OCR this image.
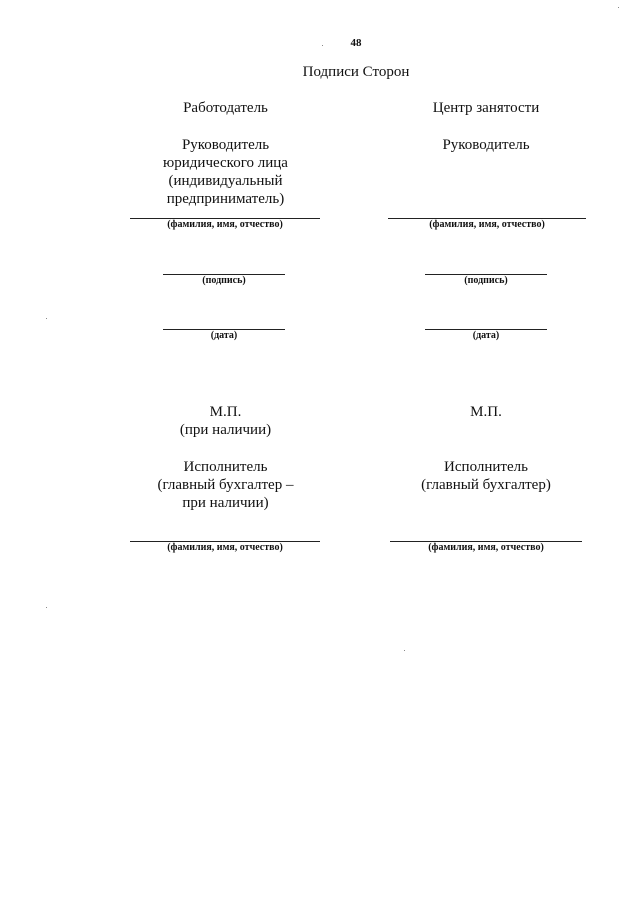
48
Подписи Сторон
Работодатель
Руководитель
юридического лица
(индивидуальный
предприниматель)
(фамилия, имя, отчество)
(подпись)
(дата)
М.П.
(при наличии)
Исполнитель
(главный бухгалтер –
при наличии)
(фамилия, имя, отчество)
Центр занятости
Руководитель
(фамилия, имя, отчество)
(подпись)
(дата)
М.П.
Исполнитель
(главный бухгалтер)
(фамилия, имя, отчество)
